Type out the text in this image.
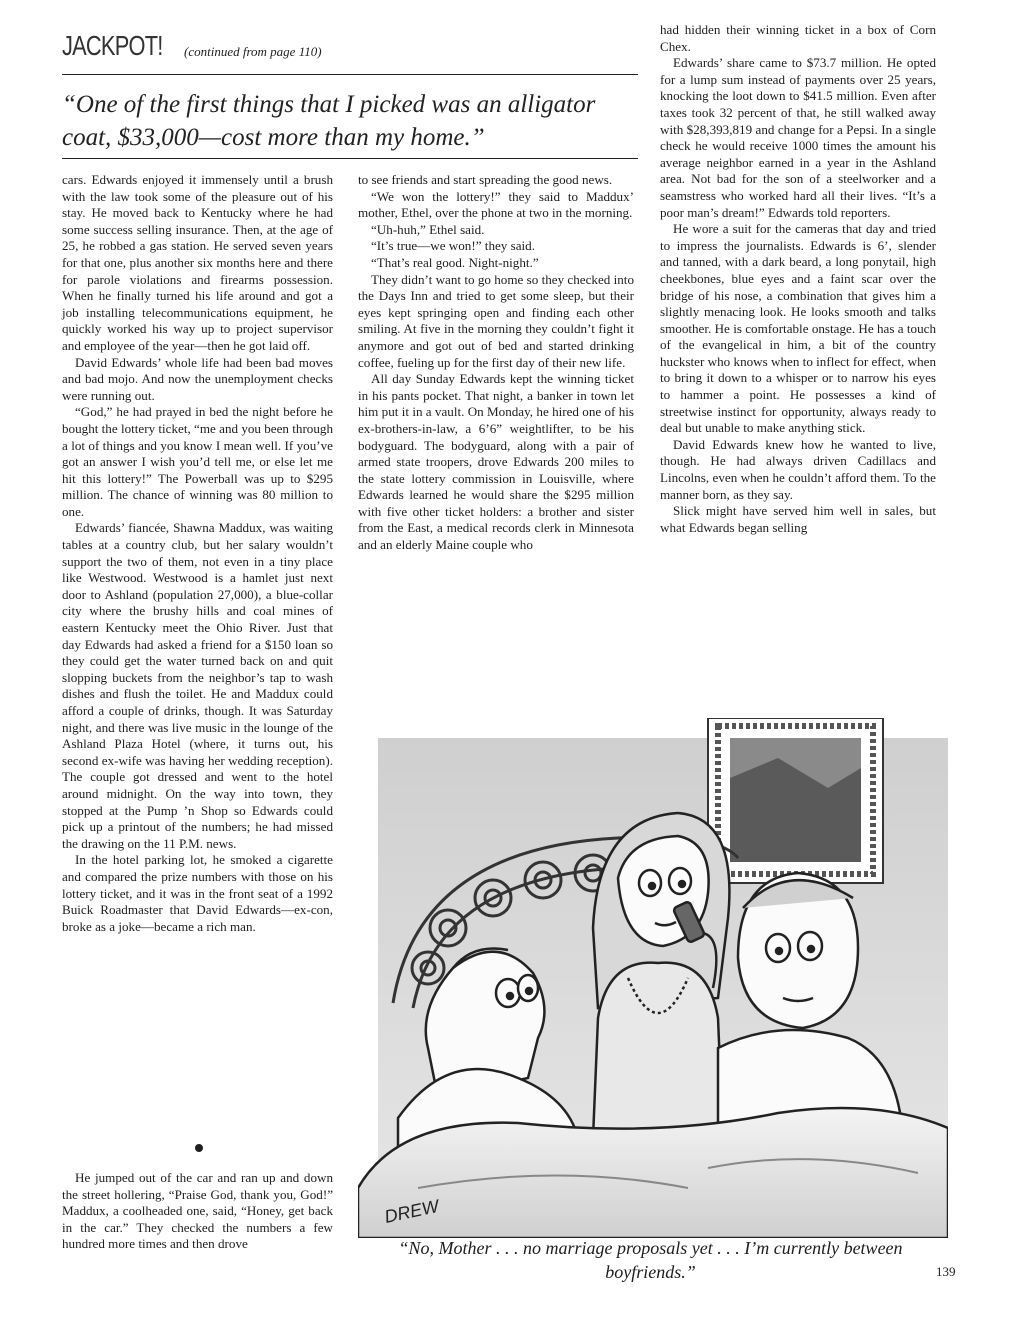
JACKPOT! (continued from page 110)

“One of the first things that I picked was an alligator coat, $33,000—cost more than my home.”

cars. Edwards enjoyed it immensely until a brush with the law took some of the pleasure out of his stay. He moved back to Kentucky where he had some success selling insurance. Then, at the age of 25, he robbed a gas station. He served seven years for that one, plus another six months here and there for parole violations and firearms possession. When he finally turned his life around and got a job installing telecommunications equipment, he quickly worked his way up to project supervisor and employee of the year—then he got laid off.

David Edwards’ whole life had been bad moves and bad mojo. And now the unemployment checks were running out.

“God,” he had prayed in bed the night before he bought the lottery ticket, “me and you been through a lot of things and you know I mean well. If you’ve got an answer I wish you’d tell me, or else let me hit this lottery!” The Powerball was up to $295 million. The chance of winning was 80 million to one.

Edwards’ fiancée, Shawna Maddux, was waiting tables at a country club, but her salary wouldn’t support the two of them, not even in a tiny place like Westwood. Westwood is a hamlet just next door to Ashland (population 27,000), a blue-collar city where the brushy hills and coal mines of eastern Kentucky meet the Ohio River. Just that day Edwards had asked a friend for a $150 loan so they could get the water turned back on and quit slopping buckets from the neighbor’s tap to wash dishes and flush the toilet. He and Maddux could afford a couple of drinks, though. It was Saturday night, and there was live music in the lounge of the Ashland Plaza Hotel (where, it turns out, his second ex-wife was having her wedding reception). The couple got dressed and went to the hotel around midnight. On the way into town, they stopped at the Pump ’n Shop so Edwards could pick up a printout of the numbers; he had missed the drawing on the 11 P.M. news.

In the hotel parking lot, he smoked a cigarette and compared the prize numbers with those on his lottery ticket, and it was in the front seat of a 1992 Buick Roadmaster that David Edwards—ex-con, broke as a joke—became a rich man.

He jumped out of the car and ran up and down the street hollering, “Praise God, thank you, God!” Maddux, a coolheaded one, said, “Honey, get back in the car.” They checked the numbers a few hundred more times and then drove

to see friends and start spreading the good news.

“We won the lottery!” they said to Maddux’ mother, Ethel, over the phone at two in the morning.

“Uh-huh,” Ethel said.

“It’s true—we won!” they said.

“That’s real good. Night-night.”

They didn’t want to go home so they checked into the Days Inn and tried to get some sleep, but their eyes kept springing open and finding each other smiling. At five in the morning they couldn’t fight it anymore and got out of bed and started drinking coffee, fueling up for the first day of their new life.

All day Sunday Edwards kept the winning ticket in his pants pocket. That night, a banker in town let him put it in a vault. On Monday, he hired one of his ex-brothers-in-law, a 6’6” weightlifter, to be his bodyguard. The bodyguard, along with a pair of armed state troopers, drove Edwards 200 miles to the state lottery commission in Louisville, where Edwards learned he would share the $295 million with five other ticket holders: a brother and sister from the East, a medical records clerk in Minnesota and an elderly Maine couple who

had hidden their winning ticket in a box of Corn Chex.

Edwards’ share came to $73.7 million. He opted for a lump sum instead of payments over 25 years, knocking the loot down to $41.5 million. Even after taxes took 32 percent of that, he still walked away with $28,393,819 and change for a Pepsi. In a single check he would receive 1000 times the amount his average neighbor earned in a year in the Ashland area. Not bad for the son of a steelworker and a seamstress who worked hard all their lives. “It’s a poor man’s dream!” Edwards told reporters.

He wore a suit for the cameras that day and tried to impress the journalists. Edwards is 6’, slender and tanned, with a dark beard, a long ponytail, high cheekbones, blue eyes and a faint scar over the bridge of his nose, a combination that gives him a slightly menacing look. He looks smooth and talks smoother. He is comfortable onstage. He has a touch of the evangelical in him, a bit of the country huckster who knows when to inflect for effect, when to bring it down to a whisper or to narrow his eyes to hammer a point. He possesses a kind of streetwise instinct for opportunity, always ready to deal but unable to make anything stick.

David Edwards knew how he wanted to live, though. He had always driven Cadillacs and Lincolns, even when he couldn’t afford them. To the manner born, as they say.

Slick might have served him well in sales, but what Edwards began selling

DREW
“No, Mother . . . no marriage proposals yet . . . I’m currently between boyfriends.”	139
